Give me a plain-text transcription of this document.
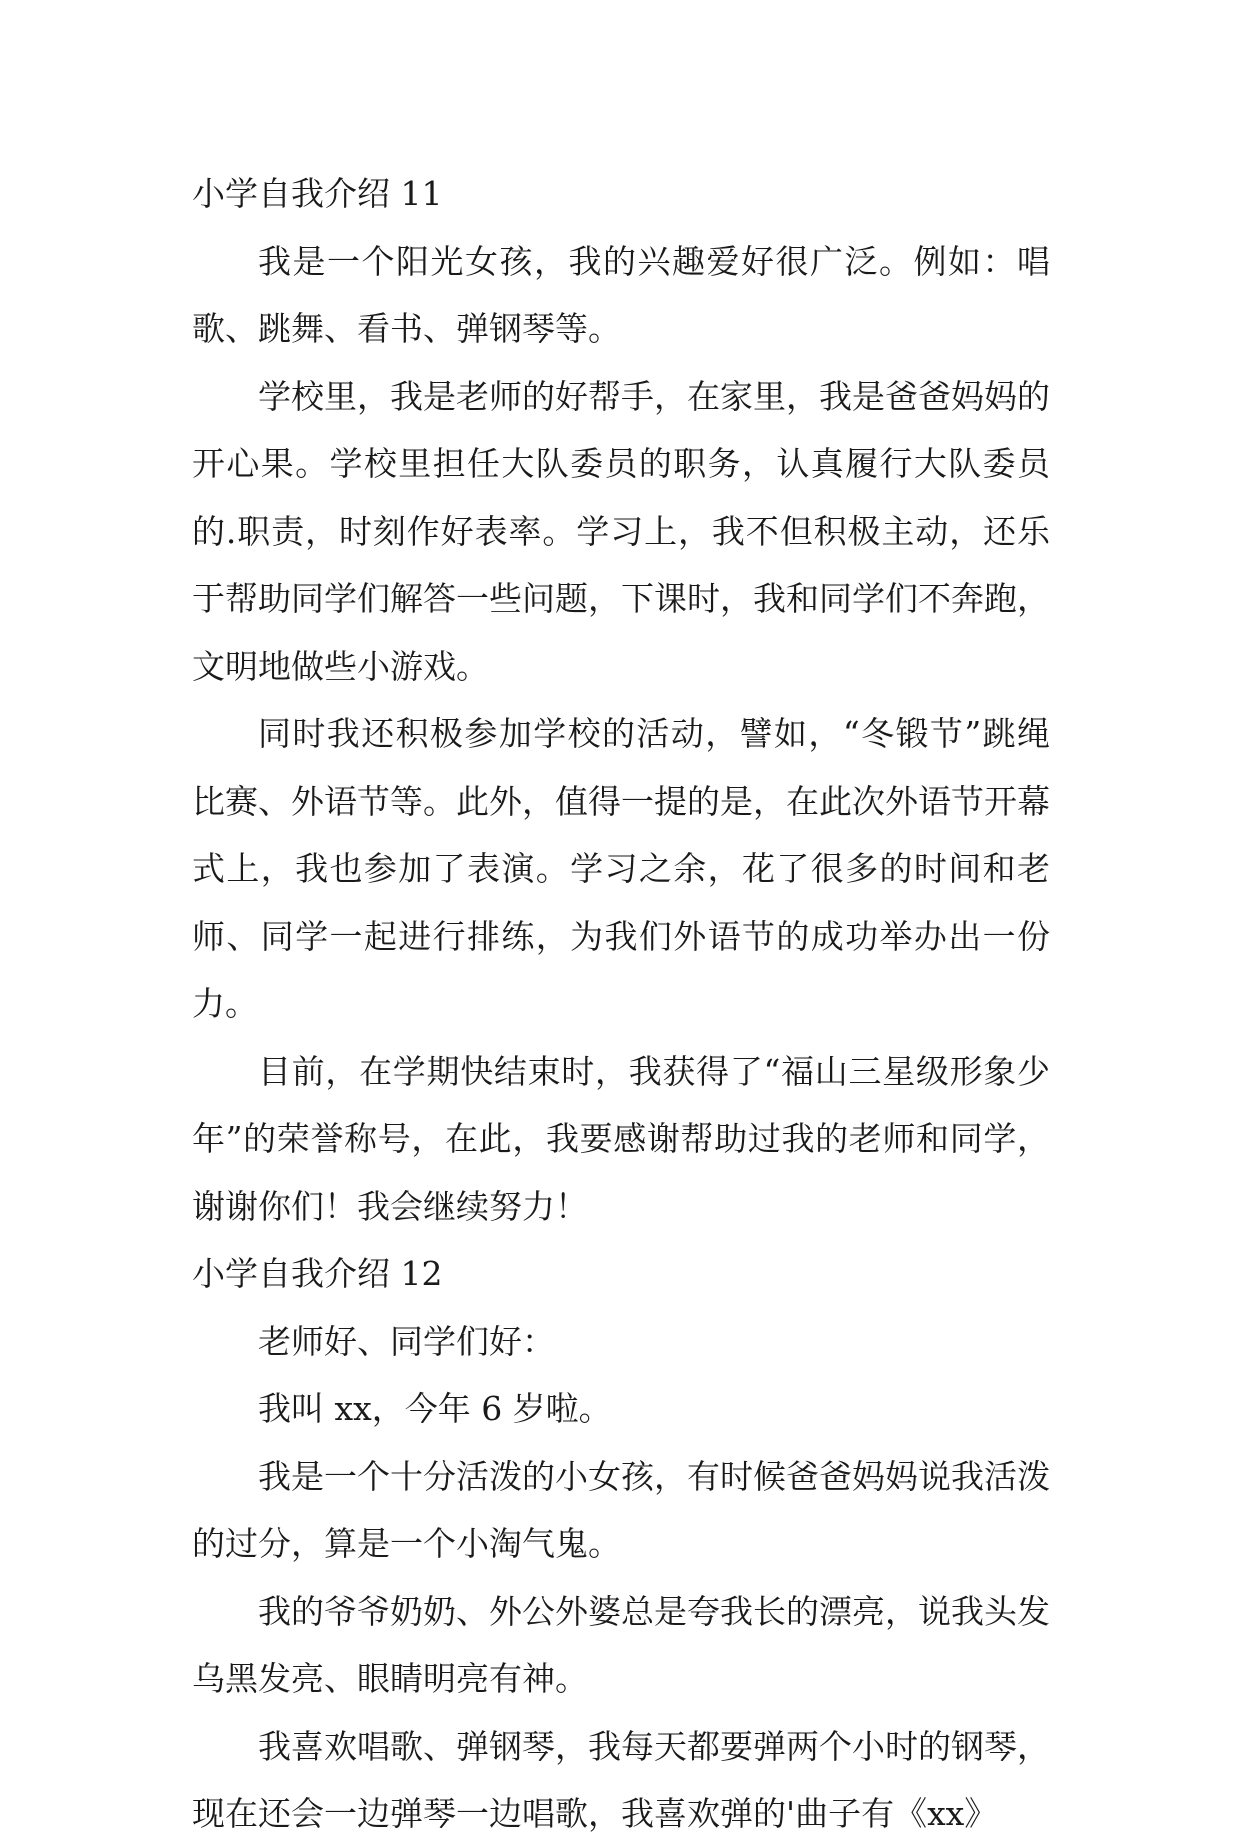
小学自我介绍 11

我是一个阳光女孩，我的兴趣爱好很广泛。例如：唱歌、跳舞、看书、弹钢琴等。

学校里，我是老师的好帮手，在家里，我是爸爸妈妈的开心果。学校里担任大队委员的职务，认真履行大队委员的.职责，时刻作好表率。学习上，我不但积极主动，还乐于帮助同学们解答一些问题，下课时，我和同学们不奔跑，文明地做些小游戏。

同时我还积极参加学校的活动，譬如，“冬锻节”跳绳比赛、外语节等。此外，值得一提的是，在此次外语节开幕式上，我也参加了表演。学习之余，花了很多的时间和老师、同学一起进行排练，为我们外语节的成功举办出一份力。

目前，在学期快结束时，我获得了“福山三星级形象少年”的荣誉称号，在此，我要感谢帮助过我的老师和同学，谢谢你们！我会继续努力！

小学自我介绍 12

老师好、同学们好：

我叫 xx，今年 6 岁啦。

我是一个十分活泼的小女孩，有时候爸爸妈妈说我活泼的过分，算是一个小淘气鬼。

我的爷爷奶奶、外公外婆总是夸我长的漂亮，说我头发乌黑发亮、眼睛明亮有神。

我喜欢唱歌、弹钢琴，我每天都要弹两个小时的钢琴，现在还会一边弹琴一边唱歌，我喜欢弹的'曲子有《xx》
